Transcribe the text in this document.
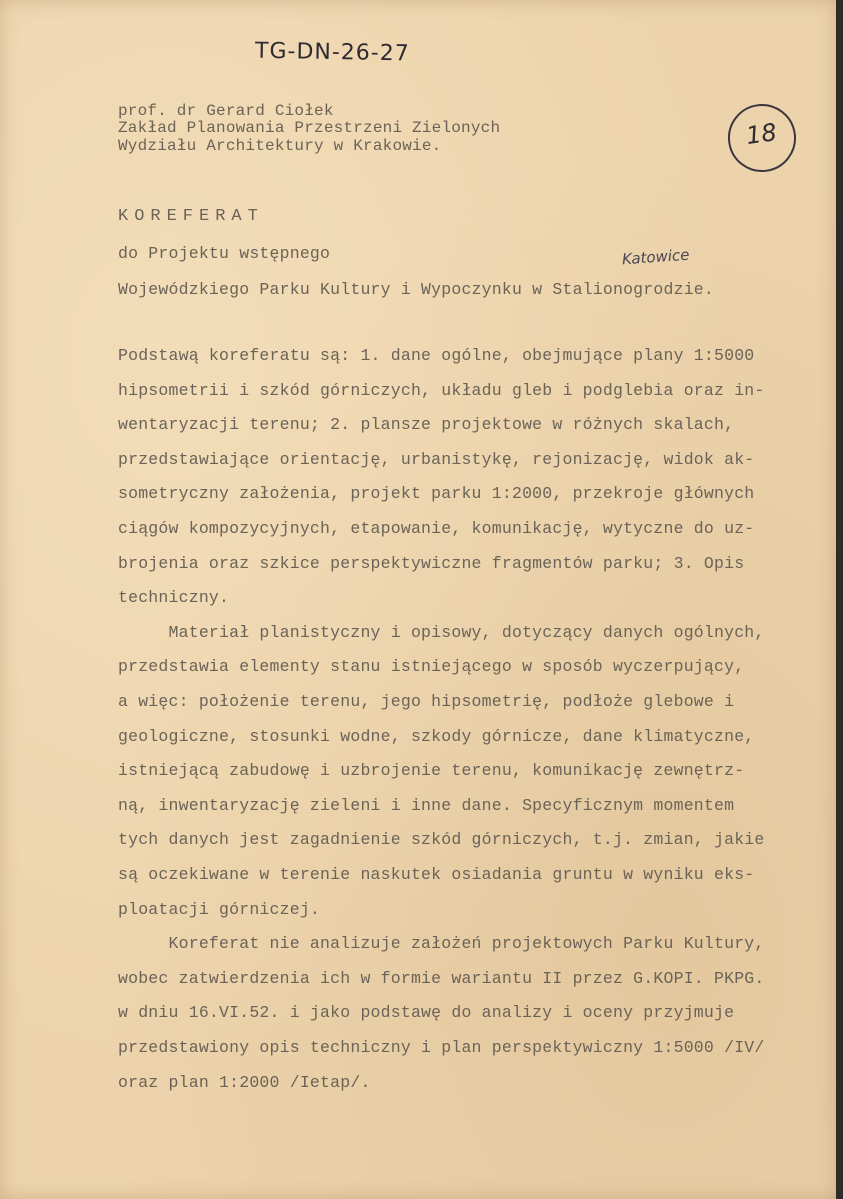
TG-DN-26-27

18

prof. dr Gerard Ciołek

Zakład Planowania Przestrzeni Zielonych

Wydziału Architektury w Krakowie.

KOREFERAT

do Projektu wstępnego	Katowice

Wojewódzkiego Parku Kultury i Wypoczynku w Stalionogrodzie.

Podstawą koreferatu są: 1. dane ogólne, obejmujące plany 1:5000

hipsometrii i szkód górniczych, układu gleb i podglebia oraz in-

wentaryzacji terenu; 2. plansze projektowe w różnych skalach,

przedstawiające orientację, urbanistykę, rejonizację, widok ak-

sometryczny założenia, projekt parku 1:2000, przekroje głównych

ciągów kompozycyjnych, etapowanie, komunikację, wytyczne do uz-

brojenia oraz szkice perspektywiczne fragmentów parku; 3. Opis

techniczny.

Materiał planistyczny i opisowy, dotyczący danych ogólnych,

przedstawia elementy stanu istniejącego w sposób wyczerpujący,

a więc: położenie terenu, jego hipsometrię, podłoże glebowe i

geologiczne, stosunki wodne, szkody górnicze, dane klimatyczne,

istniejącą zabudowę i uzbrojenie terenu, komunikację zewnętrz-

ną, inwentaryzację zieleni i inne dane. Specyficznym momentem

tych danych jest zagadnienie szkód górniczych, t.j. zmian, jakie

są oczekiwane w terenie naskutek osiadania gruntu w wyniku eks-

ploatacji górniczej.

Koreferat nie analizuje założeń projektowych Parku Kultury,

wobec zatwierdzenia ich w formie wariantu II przez G.KOPI. PKPG.

w dniu 16.VI.52. i jako podstawę do analizy i oceny przyjmuje

przedstawiony opis techniczny i plan perspektywiczny 1:5000 /IV/

oraz plan 1:2000 /Ietap/.
